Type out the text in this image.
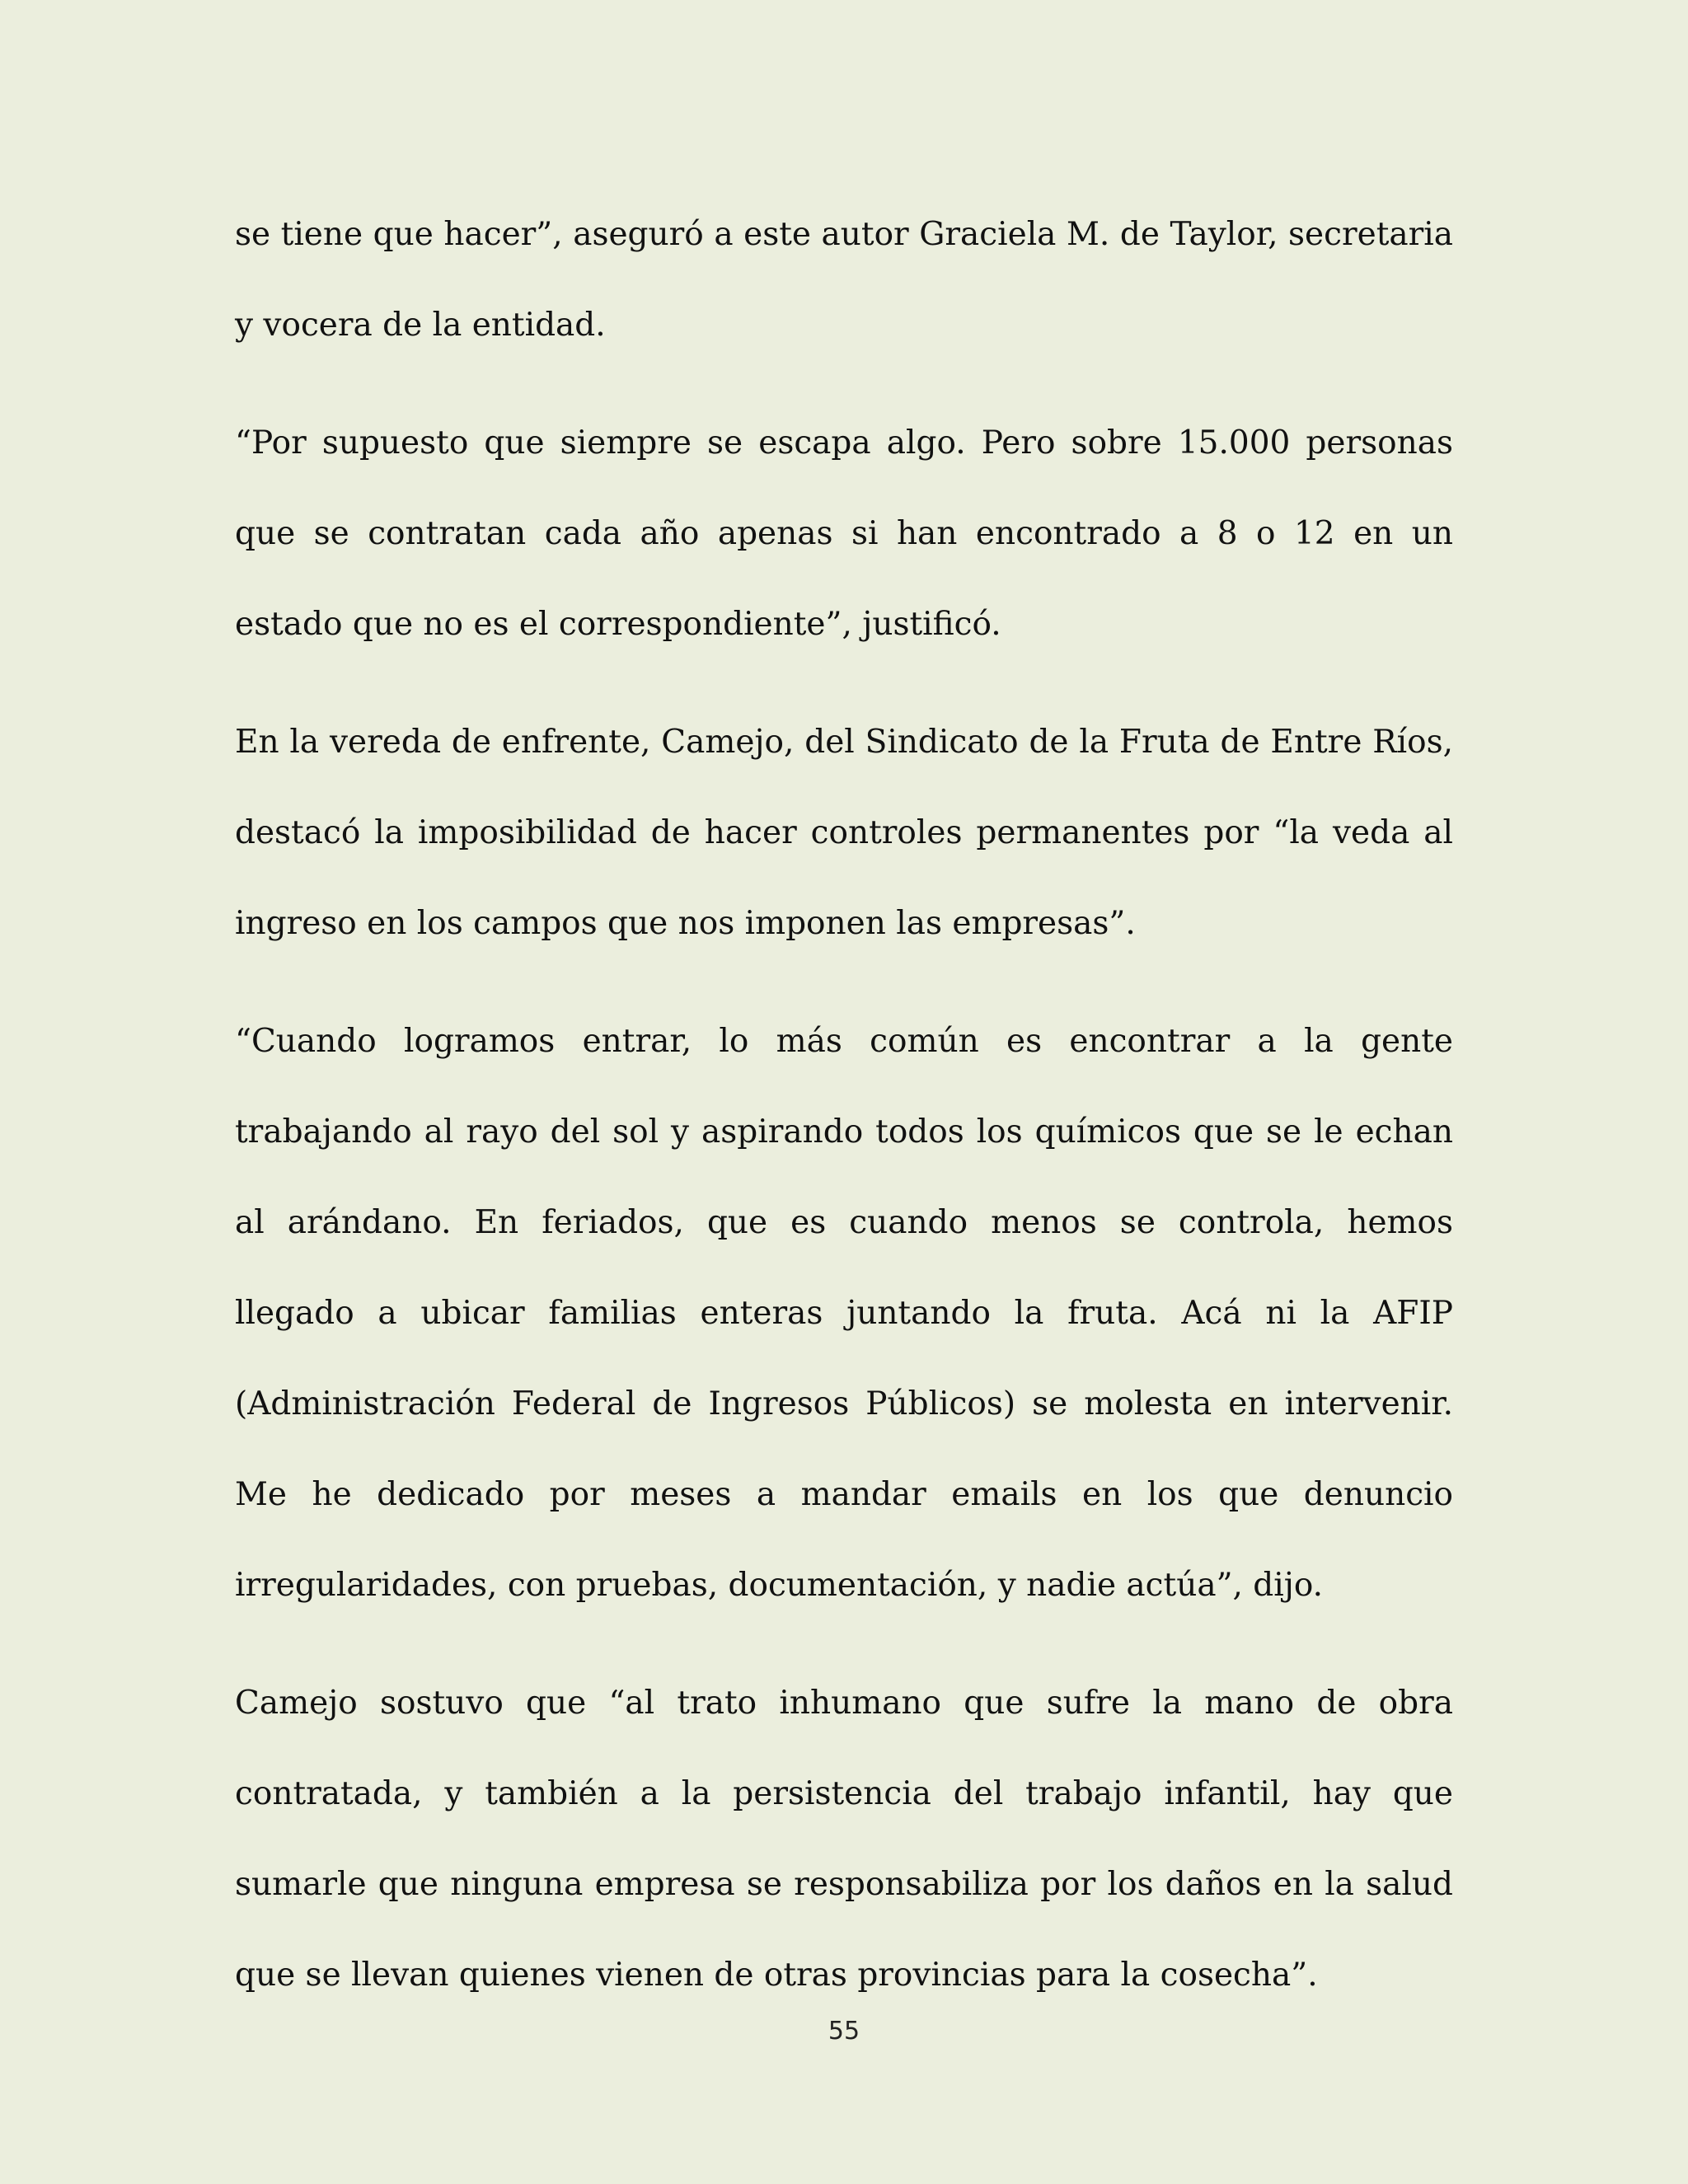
se tiene que hacer”, aseguró a este autor Graciela M. de Taylor, secretaria y vocera de la entidad.

“Por supuesto que siempre se escapa algo. Pero sobre 15.000 personas que se contratan cada año apenas si han encontrado a 8 o 12 en un estado que no es el correspondiente”, justificó.

En la vereda de enfrente, Camejo, del Sindicato de la Fruta de Entre Ríos, destacó la imposibilidad de hacer controles permanentes por “la veda al ingreso en los campos que nos imponen las empresas”.

“Cuando logramos entrar, lo más común es encontrar a la gente trabajando al rayo del sol y aspirando todos los químicos que se le echan al arándano. En feriados, que es cuando menos se controla, hemos llegado a ubicar familias enteras juntando la fruta. Acá ni la AFIP (Administración Federal de Ingresos Públicos) se molesta en intervenir. Me he dedicado por meses a mandar emails en los que denuncio irregularidades, con pruebas, documentación, y nadie actúa”, dijo.

Camejo sostuvo que “al trato inhumano que sufre la mano de obra contratada, y también a la persistencia del trabajo infantil, hay que sumarle que ninguna empresa se responsabiliza por los daños en la salud que se llevan quienes vienen de otras provincias para la cosecha”.

55
